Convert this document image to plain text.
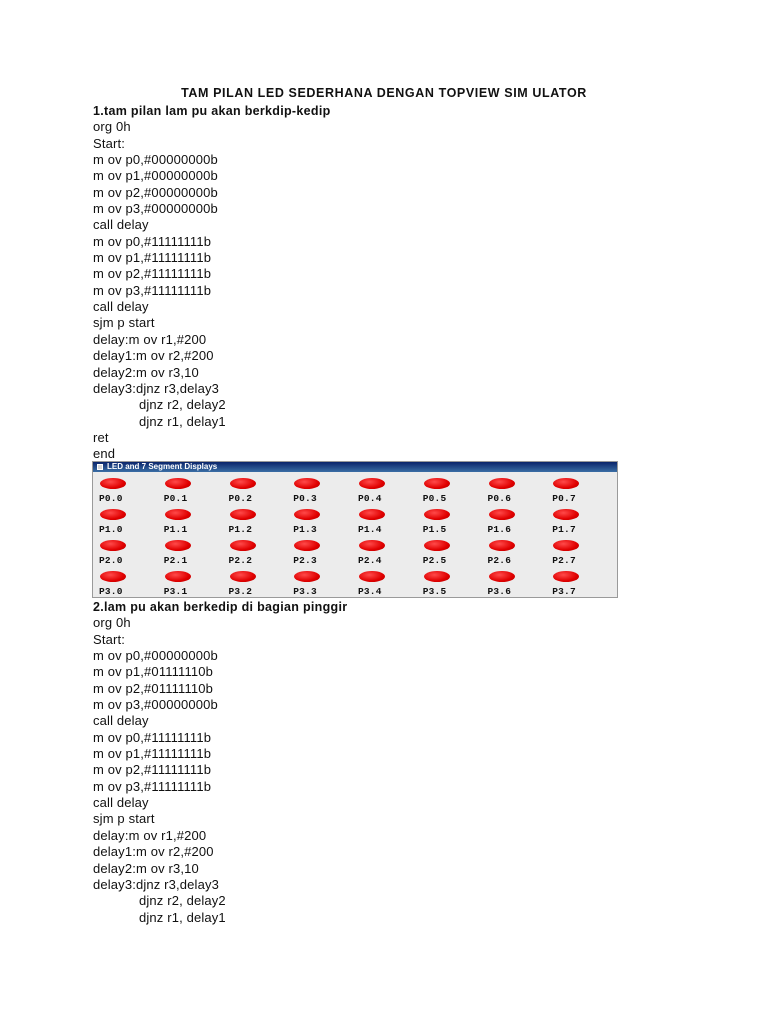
TAM PILAN LED SEDERHANA DENGAN TOPVIEW SIM ULATOR
1.tam pilan lam pu akan berkdip-kedip
org 0h
Start:
m ov p0,#00000000b
m ov p1,#00000000b
m ov p2,#00000000b
m ov p3,#00000000b
call delay
m ov p0,#11111111b
m ov p1,#11111111b
m ov p2,#11111111b
m ov p3,#11111111b
call delay
sjm p start
delay:m ov r1,#200
delay1:m ov r2,#200
delay2:m ov r3,10
delay3:djnz r3,delay3
djnz r2, delay2
djnz r1, delay1
ret
end
LED and 7 Segment Displays
P0.0	P0.1	P0.2	P0.3	P0.4	P0.5	P0.6	P0.7
P1.0	P1.1	P1.2	P1.3	P1.4	P1.5	P1.6	P1.7
P2.0	P2.1	P2.2	P2.3	P2.4	P2.5	P2.6	P2.7
P3.0	P3.1	P3.2	P3.3	P3.4	P3.5	P3.6	P3.7
2.lam pu akan berkedip di bagian pinggir
org 0h
Start:
m ov p0,#00000000b
m ov p1,#01111110b
m ov p2,#01111110b
m ov p3,#00000000b
call delay
m ov p0,#11111111b
m ov p1,#11111111b
m ov p2,#11111111b
m ov p3,#11111111b
call delay
sjm p start
delay:m ov r1,#200
delay1:m ov r2,#200
delay2:m ov r3,10
delay3:djnz r3,delay3
djnz r2, delay2
djnz r1, delay1
